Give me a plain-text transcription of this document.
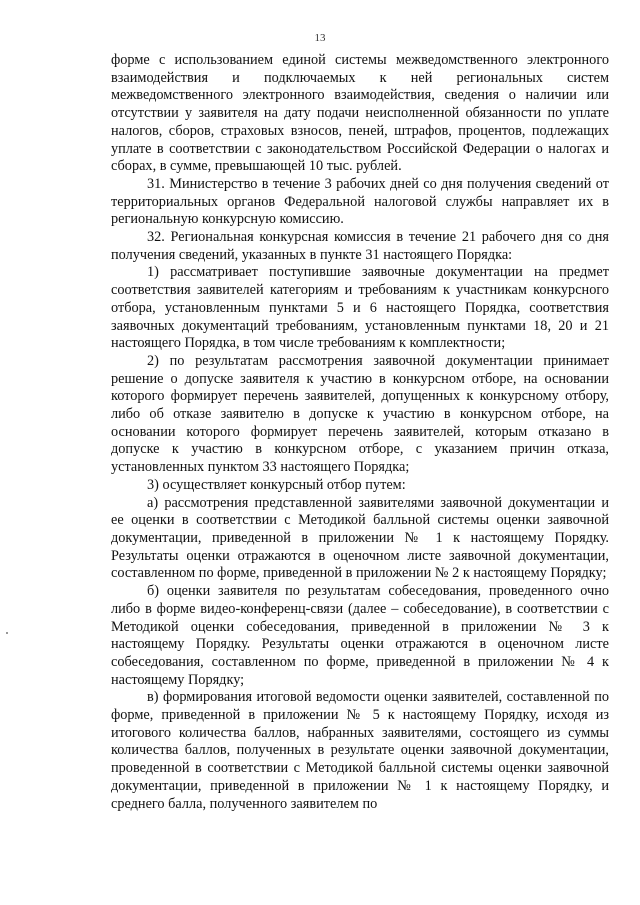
13

форме с использованием единой системы межведомственного электронного взаимодействия и подключаемых к ней региональных систем межведомственного электронного взаимодействия, сведения о наличии или отсутствии у заявителя на дату подачи неисполненной обязанности по уплате налогов, сборов, страховых взносов, пеней, штрафов, процентов, подлежащих уплате в соответствии с законодательством Российской Федерации о налогах и сборах, в сумме, превышающей 10 тыс. рублей.

31. Министерство в течение 3 рабочих дней со дня получения сведений от территориальных органов Федеральной налоговой службы направляет их в региональную конкурсную комиссию.

32. Региональная конкурсная комиссия в течение 21 рабочего дня со дня получения сведений, указанных в пункте 31 настоящего Порядка:

1) рассматривает поступившие заявочные документации на предмет соответствия заявителей категориям и требованиям к участникам конкурсного отбора, установленным пунктами 5 и 6 настоящего Порядка, соответствия заявочных документаций требованиям, установленным пунктами 18, 20 и 21 настоящего Порядка, в том числе требованиям к комплектности;

2) по результатам рассмотрения заявочной документации принимает решение о допуске заявителя к участию в конкурсном отборе, на основании которого формирует перечень заявителей, допущенных к конкурсному отбору, либо об отказе заявителю в допуске к участию в конкурсном отборе, на основании которого формирует перечень заявителей, которым отказано в допуске к участию в конкурсном отборе, с указанием причин отказа, установленных пунктом 33 настоящего Порядка;

3) осуществляет конкурсный отбор путем:

а) рассмотрения представленной заявителями заявочной документации и ее оценки в соответствии с Методикой балльной системы оценки заявочной документации, приведенной в приложении № 1 к настоящему Порядку. Результаты оценки отражаются в оценочном листе заявочной документации, составленном по форме, приведенной в приложении № 2 к настоящему Порядку;

б) оценки заявителя по результатам собеседования, проведенного очно либо в форме видео-конференц-связи (далее – собеседование), в соответствии с Методикой оценки собеседования, приведенной в приложении № 3 к настоящему Порядку. Результаты оценки отражаются в оценочном листе собеседования, составленном по форме, приведенной в приложении № 4 к настоящему Порядку;

в) формирования итоговой ведомости оценки заявителей, составленной по форме, приведенной в приложении № 5 к настоящему Порядку, исходя из итогового количества баллов, набранных заявителями, состоящего из суммы количества баллов, полученных в результате оценки заявочной документации, проведенной в соответствии с Методикой балльной системы оценки заявочной документации, приведенной в приложении № 1 к настоящему Порядку, и среднего балла, полученного заявителем по
